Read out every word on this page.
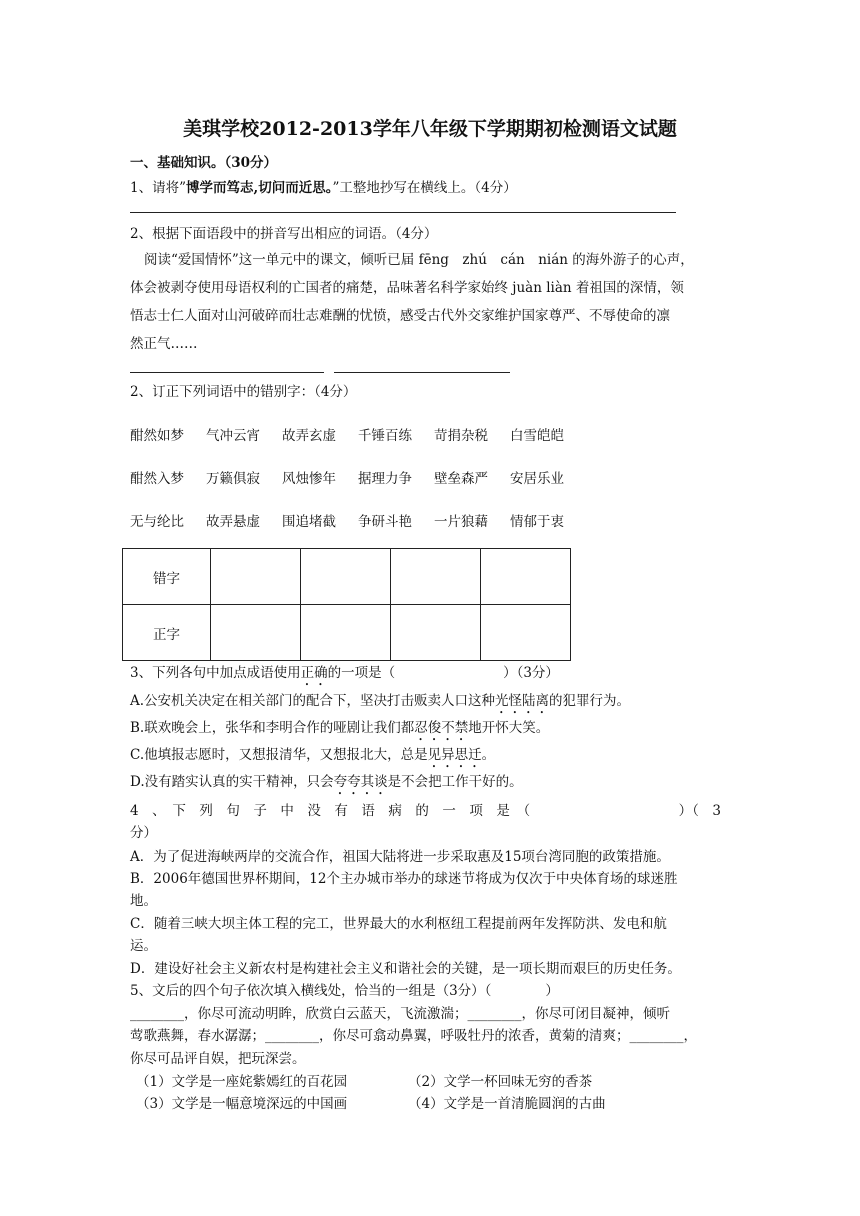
美琪学校2012-2013学年八年级下学期期初检测语文试题
一、基础知识。（30分）
1、请将”博学而笃志,切问而近思。”工整地抄写在横线上。（4分）
2、根据下面语段中的拼音写出相应的词语。（4分）
阅读“爱国情怀”这一单元中的课文，倾听已届 fēng　zhú　cán　nián 的海外游子的心声，
体会被剥夺使用母语权利的亡国者的痛楚，品味著名科学家始终 juàn liàn 着祖国的深情，领
悟志士仁人面对山河破碎而壮志难酬的忧愤，感受古代外交家维护国家尊严、不辱使命的凛
然正气……
2、订正下列词语中的错别字：（4分）
酣然如梦 气冲云宵 故弄玄虚 千锤百练 苛捐杂税 白雪皑皑
酣然入梦 万籁俱寂 风烛惨年 据理力争 壁垒森严 安居乐业
无与纶比 故弄悬虚 围追堵截 争研斗艳 一片狼藉 情郁于衷
错字				
正字				
3、下列各句中加点成语使用正确的一项是（　　　　　　　　）（3分）
A.公安机关决定在相关部门的配合下，坚决打击贩卖人口这种光怪陆离的犯罪行为。
B.联欢晚会上，张华和李明合作的哑剧让我们都忍俊不禁地开怀大笑。
C.他填报志愿时，又想报清华，又想报北大，总是见异思迁。
D.没有踏实认真的实干精神，只会夸夸其谈是不会把工作干好的。
4　、　下　列　句　子　中　没　有　语　病　的　一　项　是　（　　　　　　　　　　　）（　3
分）
A．为了促进海峡两岸的交流合作，祖国大陆将进一步采取惠及15项台湾同胞的政策措施。
B．2006年德国世界杯期间，12个主办城市举办的球迷节将成为仅次于中央体育场的球迷胜
地。
C．随着三峡大坝主体工程的完工，世界最大的水利枢纽工程提前两年发挥防洪、发电和航
运。
D．建设好社会主义新农村是构建社会主义和谐社会的关键，是一项长期而艰巨的历史任务。
5、文后的四个句子依次填入横线处，恰当的一组是（3分）（　　　　）
________，你尽可流动明眸，欣赏白云蓝天，飞流激湍；________，你尽可闭目凝神，倾听
莺歌燕舞，春水潺潺；________，你尽可翕动鼻翼，呼吸牡丹的浓香，黄菊的清爽；________，
你尽可品评自娱，把玩深尝。
（1）文学是一座姹紫嫣红的百花园	（2）文学一杯回味无穷的香茶
（3）文学是一幅意境深远的中国画	（4）文学是一首清脆圆润的古曲
